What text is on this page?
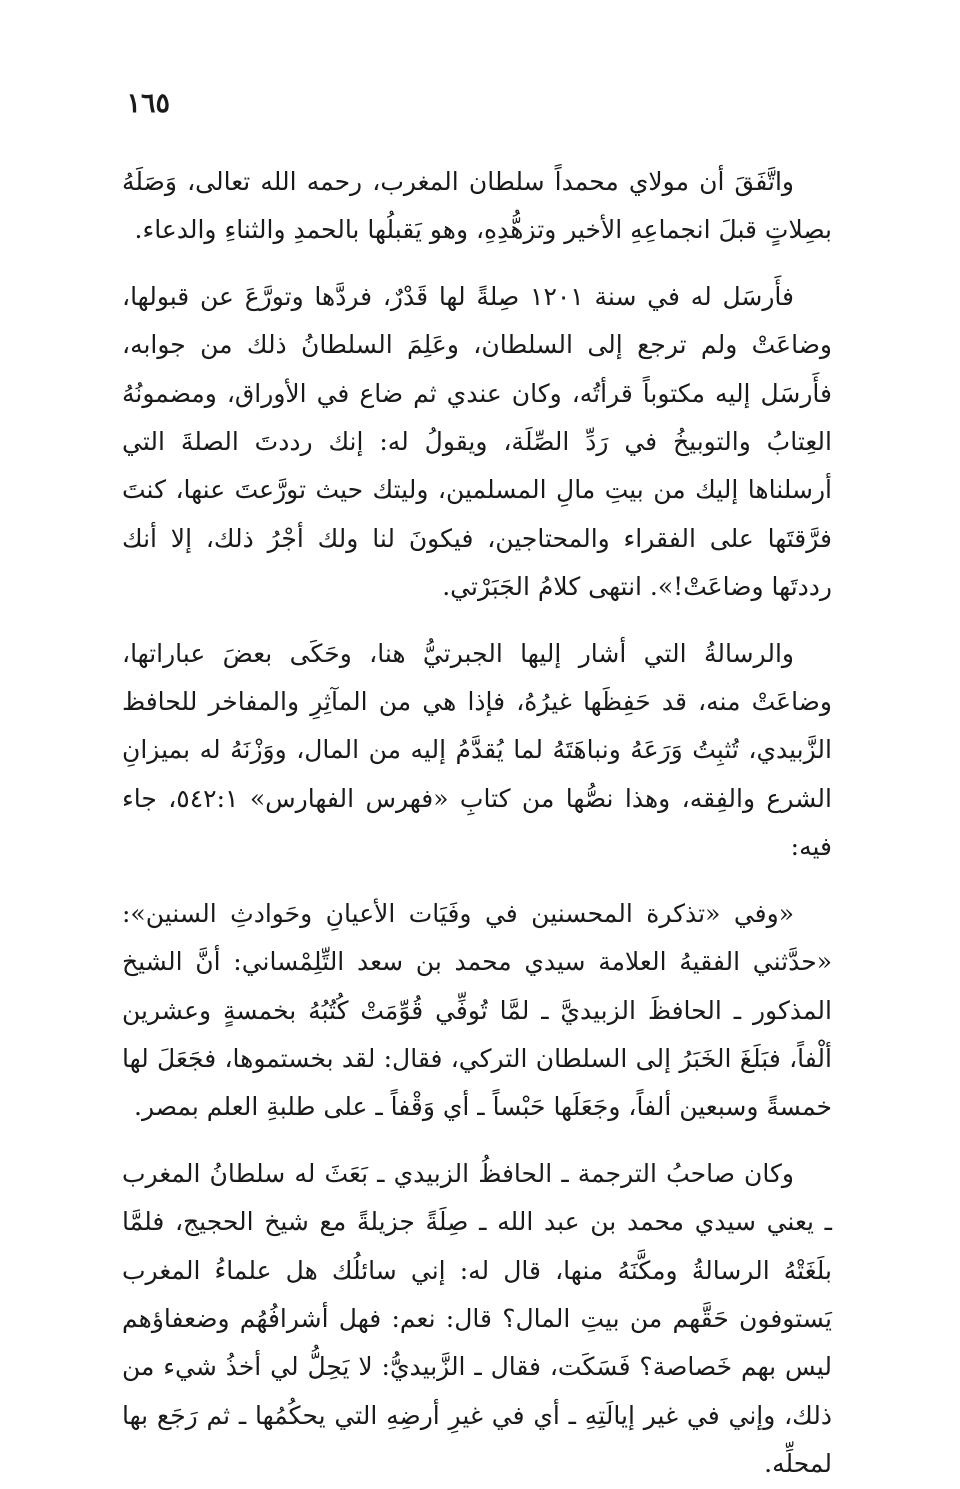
١٦٥

واتَّفَقَ أن مولاي محمداً سلطان المغرب، رحمه الله تعالى، وَصَلَهُ بصِلاتٍ قبلَ انجماعِهِ الأخير وتزهُّدِهِ، وهو يَقبلُها بالحمدِ والثناءِ والدعاء.

فأَرسَل له في سنة ١٢٠١ صِلةً لها قَدْرٌ، فردَّها وتورَّعَ عن قبولها، وضاعَتْ ولم ترجع إلى السلطان، وعَلِمَ السلطانُ ذلك من جوابه، فأَرسَل إليه مكتوباً قرأتُه، وكان عندي ثم ضاع في الأوراق، ومضمونُهُ العِتابُ والتوبيخُ في رَدِّ الصِّلَة، ويقولُ له: إنك رددتَ الصلةَ التي أرسلناها إليك من بيتِ مالِ المسلمين، وليتك حيث تورَّعتَ عنها، كنتَ فرَّقتَها على الفقراء والمحتاجين، فيكونَ لنا ولك أجْرُ ذلك، إلا أنك رددتَها وضاعَتْ!». انتهى كلامُ الجَبَرْتي.

والرسالةُ التي أشار إليها الجبرتيُّ هنا، وحَكَى بعضَ عباراتها، وضاعَتْ منه، قد حَفِظَها غيرُهُ، فإذا هي من المآثِرِ والمفاخر للحافظ الزَّبيدي، تُثبِتُ وَرَعَهُ ونباهَتَهُ لما يُقدَّمُ إليه من المال، ووَزْنَهُ له بميزانِ الشرع والفِقه، وهذا نصُّها من كتابِ «فهرس الفهارس» ٥٤٢:١، جاء فيه:

«وفي «تذكرة المحسنين في وفَيَات الأعيانِ وحَوادثِ السنين»: «حدَّثني الفقيهُ العلامة سيدي محمد بن سعد التِّلِمْساني: أنَّ الشيخ المذكور ـ الحافظَ الزبيديَّ ـ لمَّا تُوفِّي قُوِّمَتْ كُتُبُهُ بخمسةٍ وعشرين ألْفاً، فبَلَغَ الخَبَرُ إلى السلطان التركي، فقال: لقد بخستموها، فجَعَلَ لها خمسةً وسبعين ألفاً، وجَعَلَها حَبْساً ـ أي وَقْفاً ـ على طلبةِ العلم بمصر.

وكان صاحبُ الترجمة ـ الحافظُ الزبيدي ـ بَعَثَ له سلطانُ المغرب ـ يعني سيدي محمد بن عبد الله ـ صِلَةً جزيلةً مع شيخ الحجيج، فلمَّا بلَغَتْهُ الرسالةُ ومكَّنَهُ منها، قال له: إني سائلُك هل علماءُ المغرب يَستوفون حَقَّهم من بيتِ المال؟ قال: نعم: فهل أشرافُهُم وضعفاؤهم ليس بهم خَصاصة؟ فَسَكَت، فقال ـ الزَّبيديُّ: لا يَحِلُّ لي أخذُ شيء من ذلك، وإني في غير إيالَتِهِ ـ أي في غيرِ أرضِهِ التي يحكُمُها ـ ثم رَجَع بها لمحلِّه.
